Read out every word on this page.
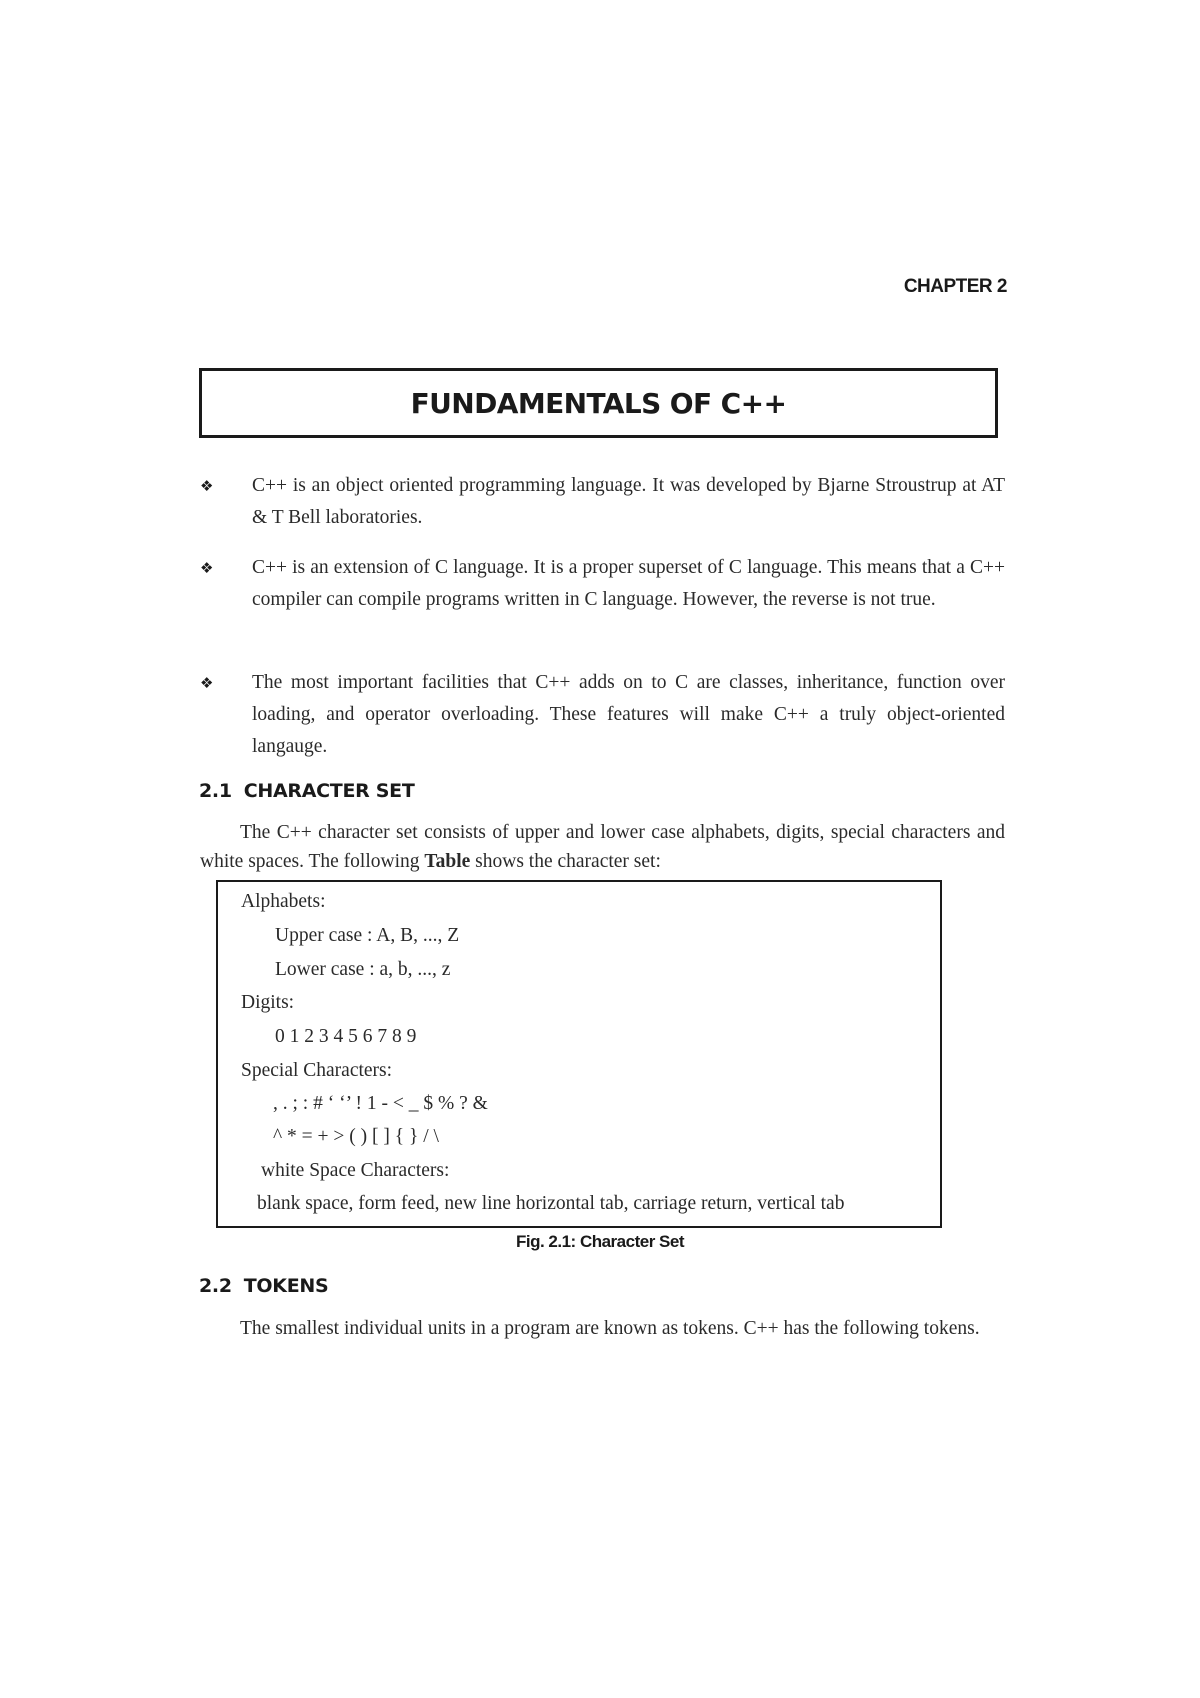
CHAPTER 2
FUNDAMENTALS OF C++
❖	C++ is an object oriented programming language. It was developed by Bjarne Stroustrup at AT & T Bell laboratories.
❖	C++ is an extension of C language. It is a proper superset of C language. This means that a C++ compiler can compile programs written in C language. However, the reverse is not true.
❖	The most important facilities that C++ adds on to C are classes, inheritance, function over loading, and operator overloading. These features will make C++ a truly object-oriented langauge.
2.1 CHARACTER SET
The C++ character set consists of upper and lower case alphabets, digits, special characters and white spaces. The following Table shows the character set:
Alphabets:
Upper case : A, B, ..., Z
Lower case : a, b, ..., z
Digits:
0 1 2 3 4 5 6 7 8 9
Special Characters:
, . ; : # ‘ ‘’ ! 1 - < _ $ % ? &
^ * = + > ( ) [ ] { } / \
white Space Characters:
blank space, form feed, new line horizontal tab, carriage return, vertical tab
Fig. 2.1: Character Set
2.2 TOKENS
The smallest individual units in a program are known as tokens. C++ has the following tokens.
